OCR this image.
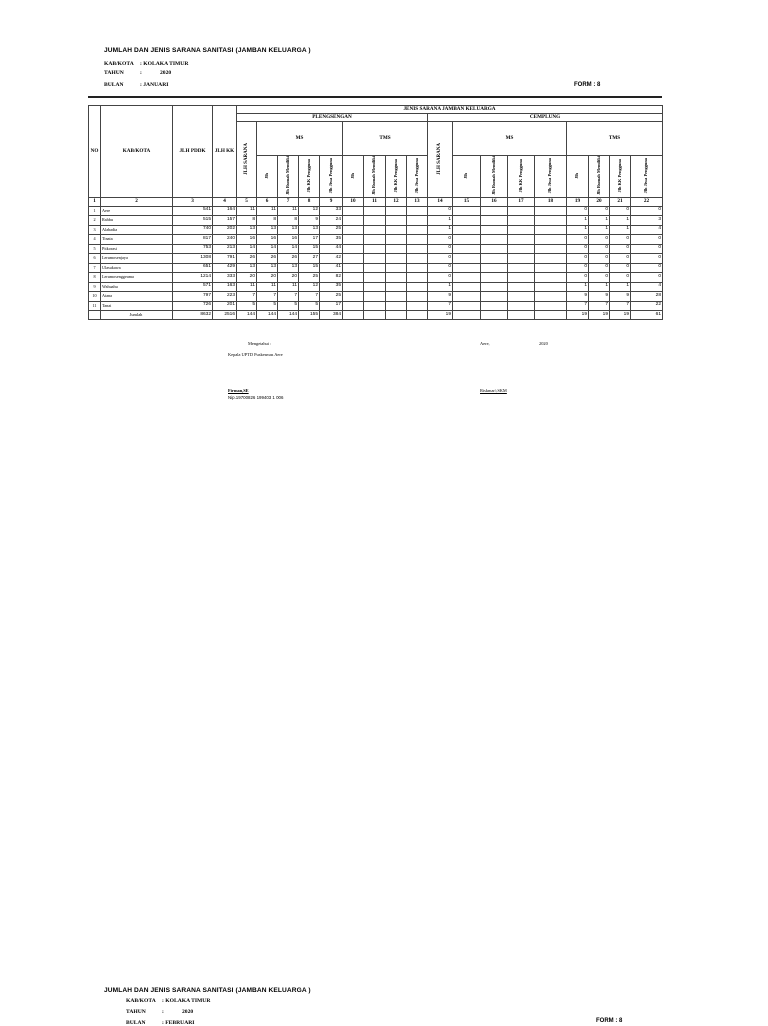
JUMLAH DAN JENIS SARANA SANITASI (JAMBAN KELUARGA )
KAB/KOTA : KOLAKA TIMUR
TAHUN	:	2020
BULAN	: JANUARI	FORM : 8
NO	KAB/KOTA	JLH PDDK	JLH KK	JENIS SARANA JAMBAN KELUARGA																	
				PLENGSENGAN									CEMPLUNG								
				JLH SARANA	MS				TMS				JLH SARANA	MS				TMS			
					Jlh	Jlh Rumah Memiliki	Jlh KK Pengguna	Jlh Jiwa Pengguna	Jlh	Jlh Rumah Memiliki	Jlh KK Pengguna	Jlh Jiwa Pengguna		Jlh	Jlh Rumah Memiliki	Jlh KK Pengguna	Jlh Jiwa Pengguna	Jlh	Jlh Rumah Memiliki	Jlh KK Pengguna	Jlh Jiwa Pengguna
1	2	3	4	5	6	7	8	9	10	11	12	13	14	15	16	17	18	19	20	21	22
1	Aere	541	164	11	11	11	12	33					0					0	0	0	0
2	Rahbu	515	157	8	8	8	9	24					1					1	1	1	3
3	Alabadia	740	202	13	13	13	13	25					1					1	1	1	4
4	Tinata	817	240	16	16	16	17	35					0					0	0	0	0
5	Pitkorasi	753	213	14	14	14	15	44					0					0	0	0	0
6	Lerumosenjaya	1308	791	26	26	26	27	42					0					0	0	0	0
7	Ulasukawa	651	429	13	13	13	15	41					0					0	0	0	0
8	Lerumosenggeama	1214	333	20	20	20	25	82					0					0	0	0	0
9	Wahuahu	571	163	11	11	11	12	35					1					1	1	1	4
10	Atana	797	223	7	7	7	7	25					9					9	9	9	28
11	Tanai	726	201	5	5	5	5	17					7					7	7	7	22
	Jumlah	8632	2516	144	144	144	155	384					19					19	19	19	61
Mengetahui :
Kepala UPTD Puskesmas Aere
Aere,	2020
Firman,SE
Nip.19700826 199403 1 006
Riskmar\;SKM
JUMLAH DAN JENIS SARANA SANITASI (JAMBAN KELUARGA )
KAB/KOTA : KOLAKA TIMUR
TAHUN	:	2020
BULAN	: FEBRUARI	FORM : 8
